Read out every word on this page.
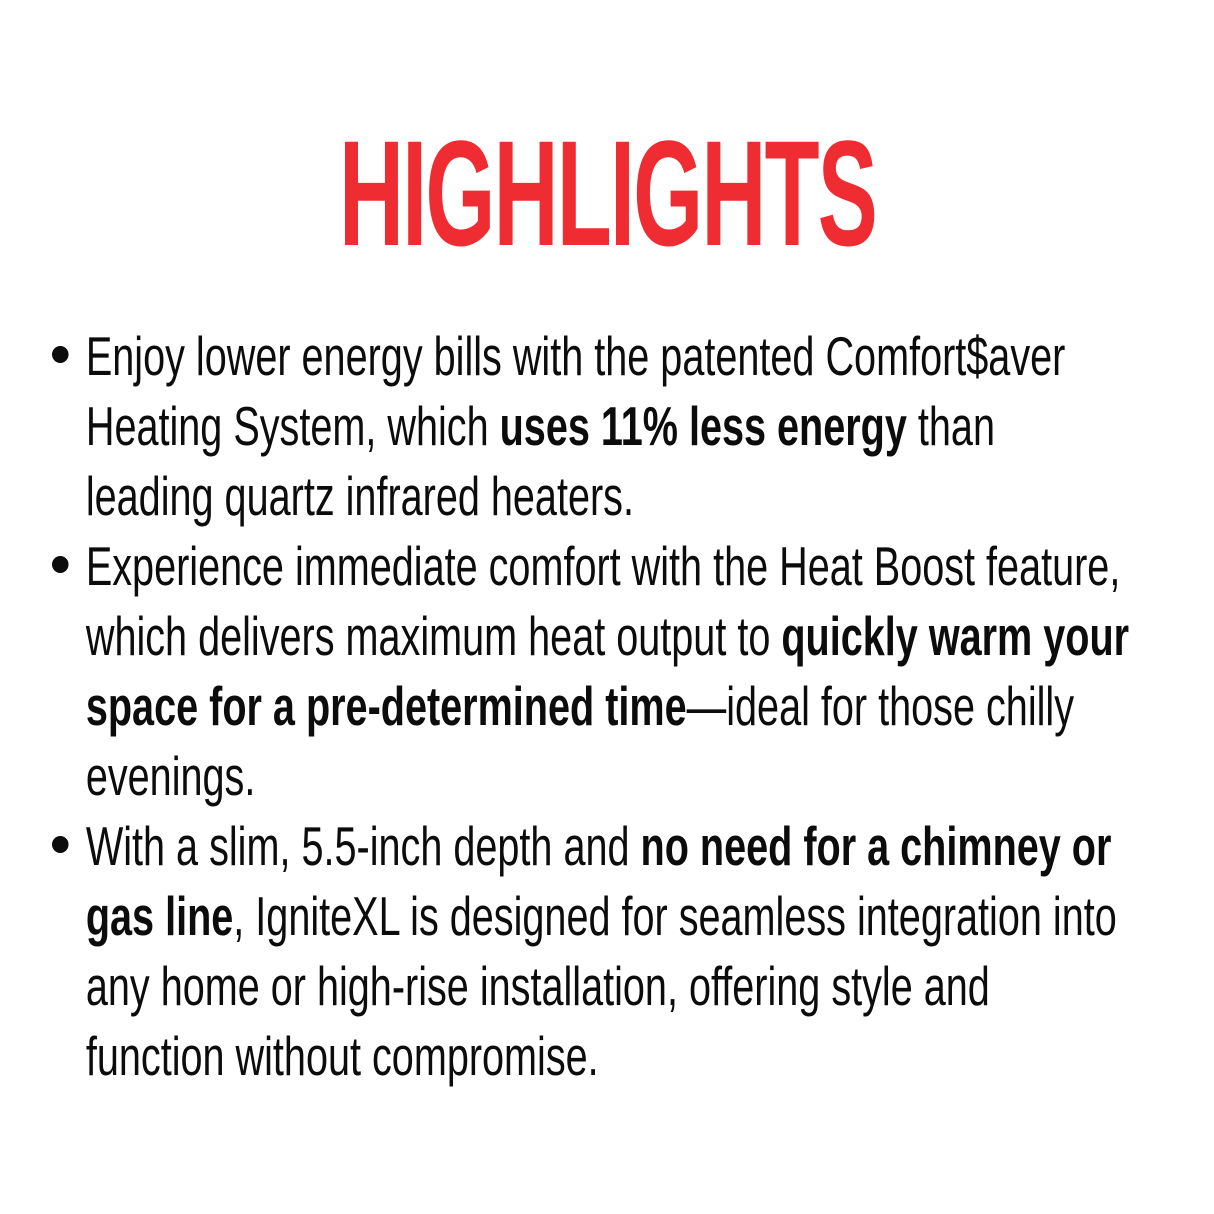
HIGHLIGHTS

Enjoy lower energy bills with the patented Comfort$aver Heating System, which uses 11% less energy than leading quartz infrared heaters.

Experience immediate comfort with the Heat Boost feature, which delivers maximum heat output to quickly warm your space for a pre-determined time—ideal for those chilly evenings.

With a slim, 5.5-inch depth and no need for a chimney or gas line, IgniteXL is designed for seamless integration into any home or high-rise installation, offering style and function without compromise.
